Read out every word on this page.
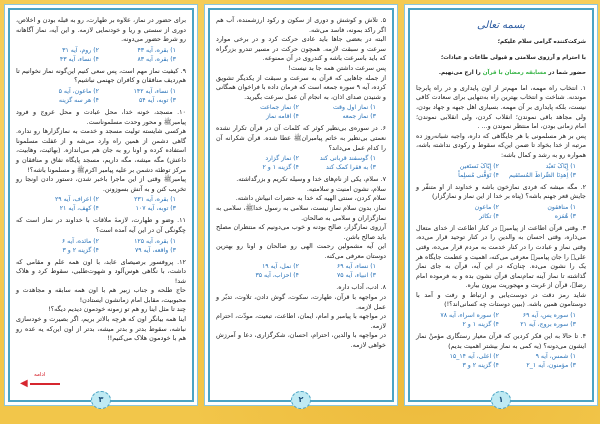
بسمه تعالی

شرکت‌کننده گرامی سلام علیکم؛

با احترام و آرزوی سلامتی و قبولی طاعات و عبادات؛

حضور شما در مسابقه رمضان با قرآن را ارج می‌نهیم.

۱. انتخاب راه مهمه، اما مهم‌تر از اون پایداری و در راه پابرجا موندنه. شناخت و انتخاب بهترین راه به‌تنهایی برای سعادت کافی نیست، بلکه پایداری بر آن مهمه. بسیاری اهل جبهه و جهاد بودن، ولی مجاهد باقی نموندن؛ انقلاب کردن، ولی انقلابی نموندن؛ امام زمانی بودن، اما منتظر نموندن و... .

پس بر هر مسلمونی با هر جایگاهی که داره، واجبه شبانه‌روز ده مرتبه از خدا بخواد تا ضمن این‌که سقوط و رکودی نداشته باشه، همواره رو به رشد و کمال باشه:

۱) إِیّاکَ نَعبُد
۲) إِیّاکَ نَستَعین
۳) اِهدِنَا الصِّراطَ المُستَقیم
۴) تَوَفَّنی مُسلِماً

۲. مگه میشه که فردی نمازخون باشه و خداوند از او متنفّر و جایش قعر جهنم باشه؟ (پناه بر خدا از این نماز و نمازگزار)

۱) منافقون
۲) ماعون
۳) هُمَزه
۴) تکاثر

۳. وقتی قرآن اطاعت از پیامبرﷺ در کنار اطاعت از خدای متعال می‌ذاره، وقتی احسان به والدین را در کنار توحید قرار می‌ده، وقتی نماز و عبادت را در کنار خدمت به مردم قرار می‌ده، وقتی علی‌ؑ را جان پیامبرﷺ معرفی می‌کنه، اهمیت و عظمت جایگاه هر یک را نشون می‌ده. چنان‌که در این آیه، قرآن به جای نماز گذاشته تا نماز آینه تمام‌نمای قرآن نشون بده و به فرموده امام رضاؑ، قرآن از غربت و مهجوریت بیرون بیاره.

شاید رمز دقت در دوست‌یابی و ارتباط و رفت و آمد با دوستامون همین باشه. (ببین دوستات چه کسانی‌اند؟!)

۱) سوره یس، آیه ۶۹
۲) سوره اسراء، آیه ۷۸
۳) سوره بروج، آیه ۲۱
۴) گزینه ۱ و ۲

۴. تا حالا به این فکر کردین که قرآن معیار رستگاری مؤمنْ نماز ایشون می‌دونه؟ (یه کمی به نماز بیشتر اهمیت بدیم)

۱) شمس، آیه ۹
۲) اعلی، آیه ۱۴_۱۵
۳) مؤمنون، آیه ۱_۲
۴) گزینه ۲ و ۳
۱

۵. تلاش و کوشش و دوری از سکون و رکود ارزشمنده، آب هم اگر راکد بمونه، فاسد می‌شه.

البته در بعضی جاها باید عادی حرکت کرد و در برخی موارد سرعت و سبقت لازمه. همچون حرکت در مسیر تندرو بزرگراه که باید باسرعت باشه و کندروی در آن ممنوعه.

پس سرعت داشتن همه جا بد نیست!

از جمله جاهایی که قرآن به سرعت و سبقت از یکدیگر تشویق کرده، آیه ۹ سوره جمعه است که فرمان داده با فراخوان همگانی و شنیدن صدای اذان، به انجام آن عمل سرعت بگیرید.

۱) نماز اول وقت
۲) نماز جماعت
۳) نماز جمعه
۴) اقامه نماز

۶. در سوره‌ی بی‌نظیر کوثر که کلمات آن در قرآن تکرار نشده نعمتی بی‌نظیر به خاتم پیامبرانﷺ عطا شده. قرآن شکرانه آن را کدام عمل می‌داند؟

۱) گوسفند قربانی کند
۲) نماز گزارد
۳) به فقرا کمک کند
۴) گزینه ۱ و ۲

۷. سلام، یکی از نام‌های خدا و وسیله تکریم و بزرگداشته.

سلام، نشون امنیت و سلامتیه.

سلام کردن، سنتی الهیه که خدا به حضرات انبیاش داشته.

نماز، بدون سلام نماز نیست، سلامی به رسول خداﷺ، سلامی به نمازگزاران و سلامی به صالحان.

آرزوی نمازگزار، صالح بودنه و خوب می‌دونیم که منتظران مصلح باید صالح باشن.

این آیه مشمولین رحمت الهی رو صالحان و اونا رو بهترین دوستان معرفی می‌کنه.

۱) نساء، آیه ۶۹
۲) نمل، آیه ۱۹
۳) انبیاء، آیه ۷۵
۴) احزاب، آیه ۳۵

۸. ادب، آداب داره.

در مواجهه با قرآن، طهارت، سکوت، گوش دادن، تلاوت، تدبّر و عمل لازمه.

در مواجهه با پیامبر و امام، ایمان، اطاعت، تبعیت، مودّت، احترام لازمه.

در مواجهه با والدین، احترام، احسان، شکرگزاری، دعا و آمرزش خواهی لازمه.

۲

برای حضور در نماز، علاوه بر طهارت، رو به قبله بودن و اخلاص، دوری از سستی و ریا و خودنمایی لازمه. و این آیه، نماز آگاهانه رو شرط حضور می‌دونه.

۱) بقره، آیه ۴۳
۲) روم، آیه ۳۱
۳) بقره، آیه ۸۳
۴) نساء، آیه ۴۳

۹. کیفیت نماز مهم است، پس سعی کنیم این‌گونه نماز نخوانیم تا هم‌ردیف منافقان و کافران جهنمی نباشیم؟

۱) نساء، آیه ۱۴۲
۲) ماعون، آیه ۵
۳) توبه، آیه ۵۴
۴) هر سه گزینه

۱۰. مسجد، خونه خدا، محل عبادت و محل عروج و فرود پیامبرﷺ و محور وحدت مسلموناست.

هرکسی شایسته تولیت مسجد و خدمت به نمازگزارها رو نداره. گاهی دشمن از همین راه وارد می‌شه و از غفلت مسلمونا استفاده کرده و اونا رو به جان هم می‌اندازه. (بهائیت، وهابیت، داعش) مگه میشه، مگه داریم، مسجد پایگاه نفاق و منافقان و مرکز توطئه دشمن بر علیه پیامبر اکرمﷺ و مسلمونا باشه؟!

پیامبرﷺ وقتی از این ماجرا باخبر شدن، دستور دادن اونجا رو تخریب کنن و به آتش بسوزونن.

۱) بقره، آیه ۲۳۱
۲) اعراف، آیه ۲۹
۳) توبه، آیه ۱۰۷
۴) کهف، آیه ۲۱

۱۱. وضو و طهارت، لازمهٔ ملاقات با خداوند در نماز است که چگونگی آن در این آیه آمده است؟

۱) بقره، آیه ۱۲۵
۲) مائده، آیه ۶
۳) واقعه، آیه ۷۹
۴) گزینه ۲ و ۳

۱۲. پروفسور برصیصای عابد، با اون همه علم و مقامی که داشت، با نگاهی هوس‌آلود و شهوت‌طلبی، سقوط کرد و هلاک شد!

حاج طلحه و جناب زبیر هم با اون همه سابقه و مجاهدت و محبوبیت، مقابل امام زمانشون ایستادن!

چند تا مثل اینا رو هم تو زمونه خودمون دیدیم دیگه؟!

اینا همه بیانگر اون که هرچه بالاتر بریم، اگر بصیرت و خودسازی نباشه، سقوط بدتر و بدتر میشه، بدتر از اون این‌که یه عده رو هم با خودمون هلاک می‌کنیم!!

◀
ادامه
۳
